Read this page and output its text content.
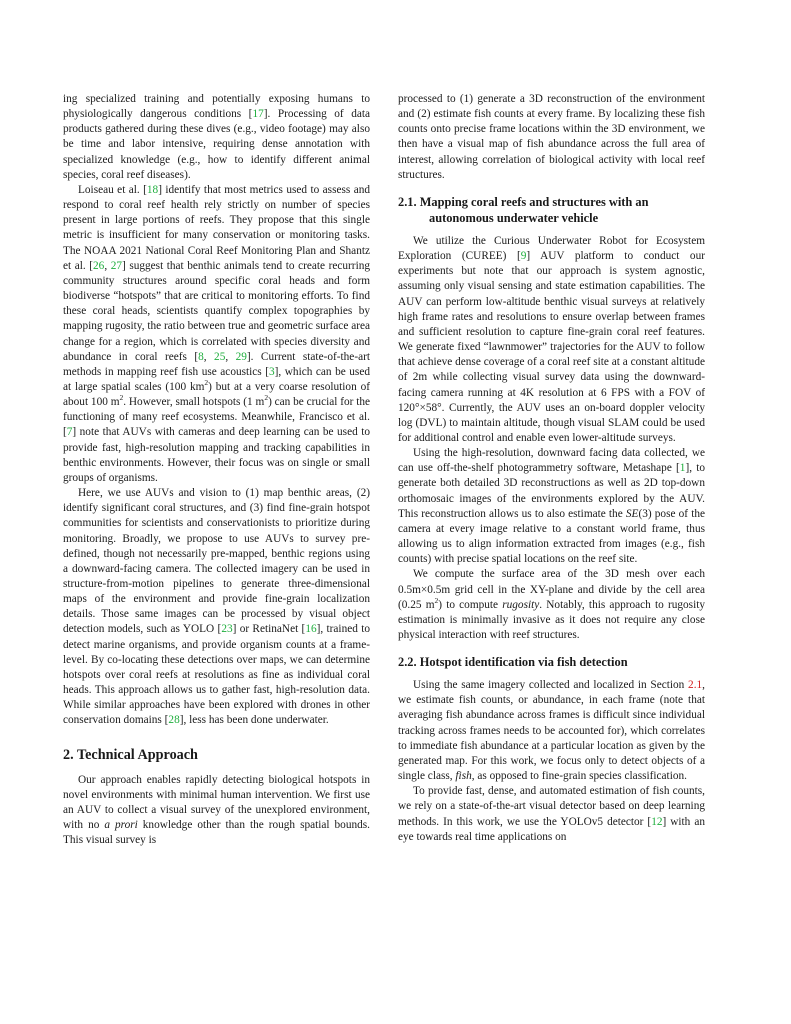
ing specialized training and potentially exposing humans to physiologically dangerous conditions [17]. Processing of data products gathered during these dives (e.g., video footage) may also be time and labor intensive, requiring dense annotation with specialized knowledge (e.g., how to identify different animal species, coral reef diseases).

Loiseau et al. [18] identify that most metrics used to assess and respond to coral reef health rely strictly on number of species present in large portions of reefs. They propose that this single metric is insufficient for many conservation or monitoring tasks. The NOAA 2021 National Coral Reef Monitoring Plan and Shantz et al. [26, 27] suggest that benthic animals tend to create recurring community structures around specific coral heads and form biodiverse “hotspots” that are critical to monitoring efforts. To find these coral heads, scientists quantify complex topographies by mapping rugosity, the ratio between true and geometric surface area change for a region, which is correlated with species diversity and abundance in coral reefs [8, 25, 29]. Current state-of-the-art methods in mapping reef fish use acoustics [3], which can be used at large spatial scales (100 $km^2$) but at a very coarse resolution of about 100 $m^2$. However, small hotspots (1 $m^2$) can be crucial for the functioning of many reef ecosystems. Meanwhile, Francisco et al. [7] note that AUVs with cameras and deep learning can be used to provide fast, high-resolution mapping and tracking capabilities in benthic environments. However, their focus was on single or small groups of organisms.

Here, we use AUVs and vision to (1) map benthic areas, (2) identify significant coral structures, and (3) find fine-grain hotspot communities for scientists and conservationists to prioritize during monitoring. Broadly, we propose to use AUVs to survey pre-defined, though not necessarily pre-mapped, benthic regions using a downward-facing camera. The collected imagery can be used in structure-from-motion pipelines to generate three-dimensional maps of the environment and provide fine-grain localization details. Those same images can be processed by visual object detection models, such as YOLO [23] or RetinaNet [16], trained to detect marine organisms, and provide organism counts at a frame-level. By co-locating these detections over maps, we can determine hotspots over coral reefs at resolutions as fine as individual coral heads. This approach allows us to gather fast, high-resolution data. While similar approaches have been explored with drones in other conservation domains [28], less has been done underwater.

2. Technical Approach

Our approach enables rapidly detecting biological hotspots in novel environments with minimal human intervention. We first use an AUV to collect a visual survey of the unexplored environment, with no a prori knowledge other than the rough spatial bounds. This visual survey is

processed to (1) generate a 3D reconstruction of the environment and (2) estimate fish counts at every frame. By localizing these fish counts onto precise frame locations within the 3D environment, we then have a visual map of fish abundance across the full area of interest, allowing correlation of biological activity with local reef structures.

2.1. Mapping coral reefs and structures with an autonomous underwater vehicle

We utilize the Curious Underwater Robot for Ecosystem Exploration (CUREE) [9] AUV platform to conduct our experiments but note that our approach is system agnostic, assuming only visual sensing and state estimation capabilities. The AUV can perform low-altitude benthic visual surveys at relatively high frame rates and resolutions to ensure overlap between frames and sufficient resolution to capture fine-grain coral reef features. We generate fixed “lawnmower” trajectories for the AUV to follow that achieve dense coverage of a coral reef site at a constant altitude of 2m while collecting visual survey data using the downward-facing camera running at 4K resolution at 6 FPS with a FOV of 120°×58°. Currently, the AUV uses an on-board doppler velocity log (DVL) to maintain altitude, though visual SLAM could be used for additional control and enable even lower-altitude surveys.

Using the high-resolution, downward facing data collected, we can use off-the-shelf photogrammetry software, Metashape [1], to generate both detailed 3D reconstructions as well as 2D top-down orthomosaic images of the environments explored by the AUV. This reconstruction allows us to also estimate the SE(3) pose of the camera at every image relative to a constant world frame, thus allowing us to align information extracted from images (e.g., fish counts) with precise spatial locations on the reef site.

We compute the surface area of the 3D mesh over each 0.5m×0.5m grid cell in the XY-plane and divide by the cell area (0.25 $m^2$) to compute rugosity. Notably, this approach to rugosity estimation is minimally invasive as it does not require any close physical interaction with reef structures.

2.2. Hotspot identification via fish detection

Using the same imagery collected and localized in Section 2.1, we estimate fish counts, or abundance, in each frame (note that averaging fish abundance across frames is difficult since individual tracking across frames needs to be accounted for), which correlates to immediate fish abundance at a particular location as given by the generated map. For this work, we focus only to detect objects of a single class, fish, as opposed to fine-grain species classification.

To provide fast, dense, and automated estimation of fish counts, we rely on a state-of-the-art visual detector based on deep learning methods. In this work, we use the YOLOv5 detector [12] with an eye towards real time applications on
